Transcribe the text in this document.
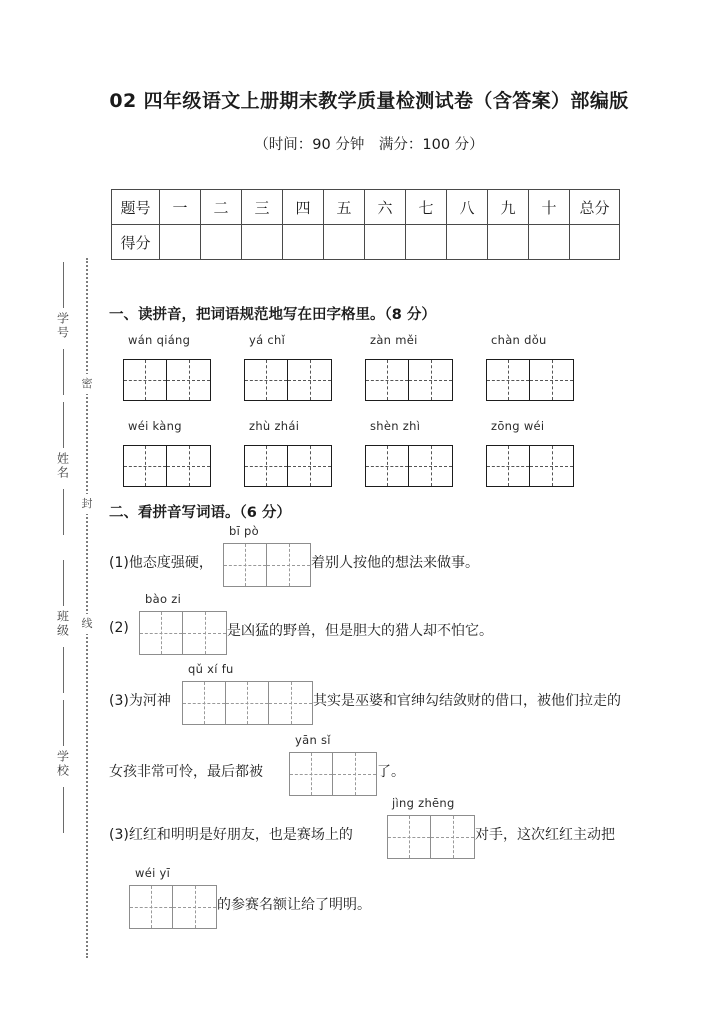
密
封
线
学号
姓名
班级
学校
02 四年级语文上册期末教学质量检测试卷（含答案）部编版
（时间：90 分钟　满分：100 分）
题号	一	二	三	四	五	六	七	八	九	十	总分
得分											
一、读拼音，把词语规范地写在田字格里。（8 分）
wán qiáng	yá chǐ	zàn měi	chàn dǒu
wéi kàng	zhù zhái	shèn zhì	zōng wéi
二、看拼音写词语。（6 分）
bī pò
(1)他态度强硬，	着别人按他的想法来做事。
bào zi
(2)	是凶猛的野兽，但是胆大的猎人却不怕它。
qǔ xí fu
(3)为河神	其实是巫婆和官绅勾结敛财的借口，被他们拉走的
yān sǐ
女孩非常可怜，最后都被	了。
jìng zhēng
(3)红红和明明是好朋友，也是赛场上的	对手，这次红红主动把
wéi yī
的参赛名额让给了明明。
